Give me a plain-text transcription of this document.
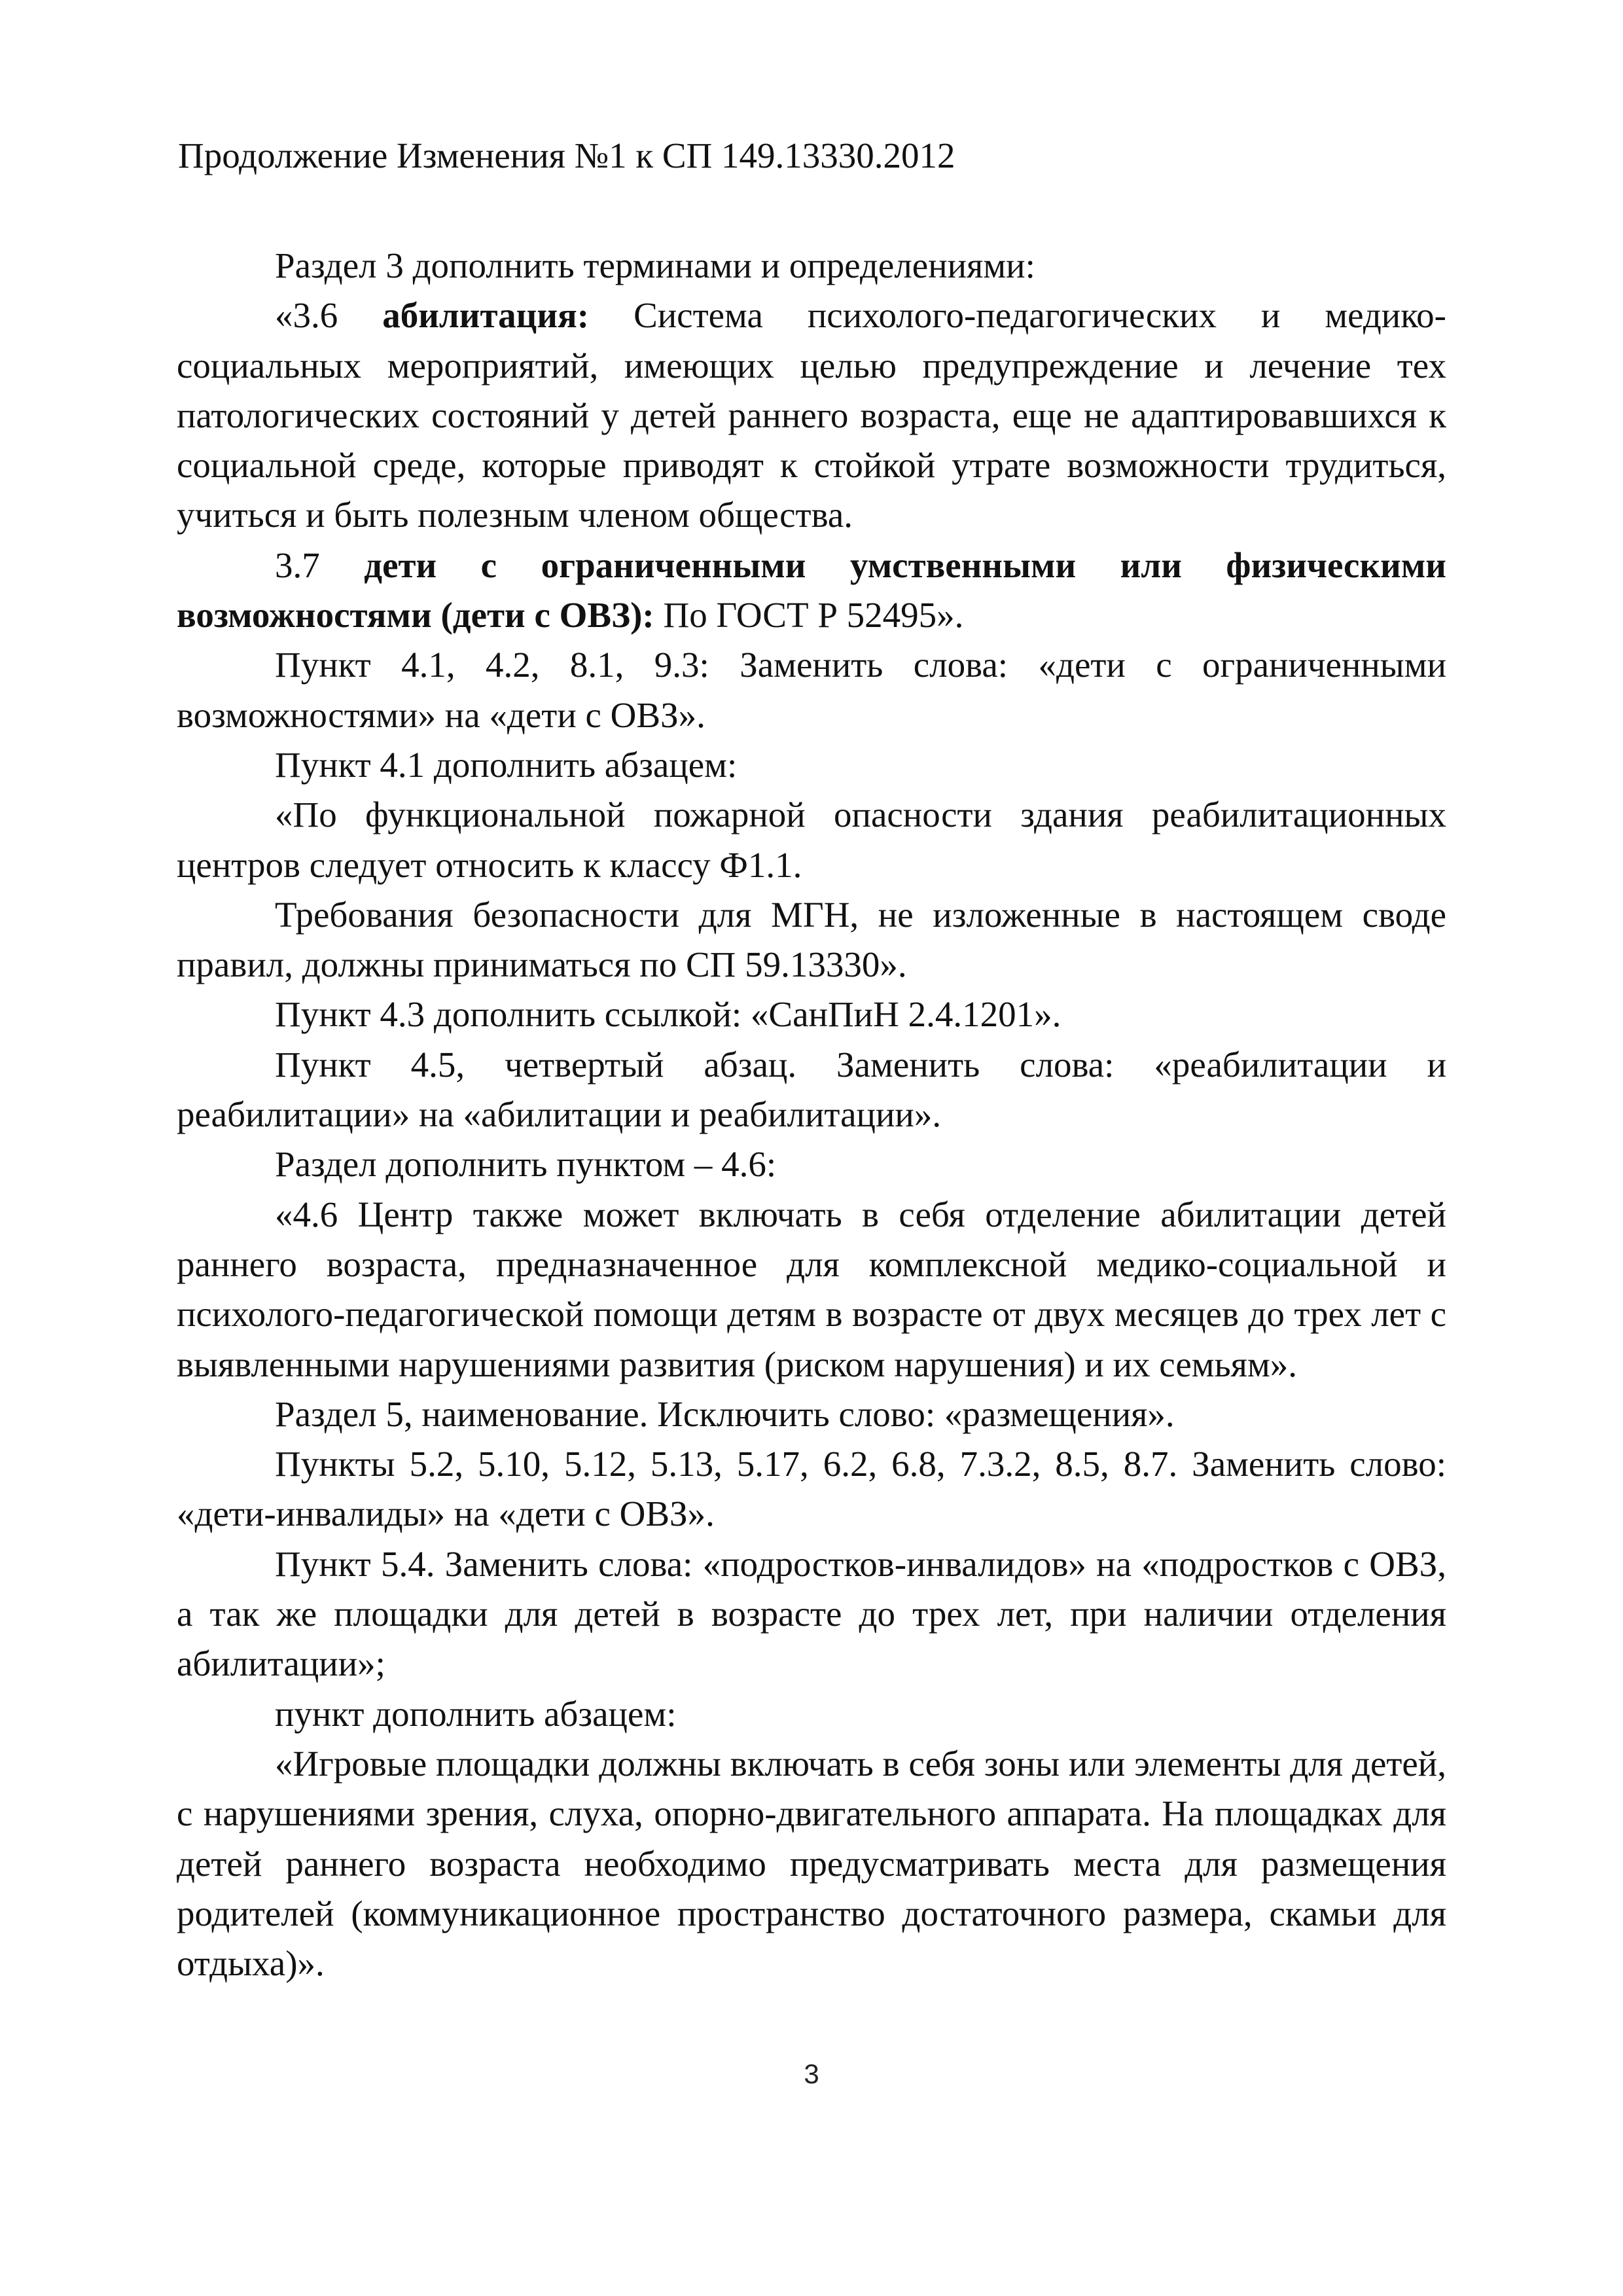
Продолжение Изменения №1 к СП 149.13330.2012

Раздел 3 дополнить терминами и определениями:

«3.6 абилитация: Система психолого-педагогических и медико-социальных мероприятий, имеющих целью предупреждение и лечение тех патологических состояний у детей раннего возраста, еще не адаптировавшихся к социальной среде, которые приводят к стойкой утрате возможности трудиться, учиться и быть полезным членом общества.

3.7 дети с ограниченными умственными или физическими возможностями (дети с ОВЗ): По ГОСТ Р 52495».

Пункт 4.1, 4.2, 8.1, 9.3: Заменить слова: «дети с ограниченными возможностями» на «дети с ОВЗ».

Пункт 4.1 дополнить абзацем:

«По функциональной пожарной опасности здания реабилитационных центров следует относить к классу Ф1.1.

Требования безопасности для МГН, не изложенные в настоящем своде правил, должны приниматься по СП 59.13330».

Пункт 4.3 дополнить ссылкой: «СанПиН 2.4.1201».

Пункт 4.5, четвертый абзац. Заменить слова: «реабилитации и реабилитации» на «абилитации и реабилитации».

Раздел дополнить пунктом – 4.6:

«4.6 Центр также может включать в себя отделение абилитации детей раннего возраста, предназначенное для комплексной медико-социальной и психолого-педагогической помощи детям в возрасте от двух месяцев до трех лет с выявленными нарушениями развития (риском нарушения) и их семьям».

Раздел 5, наименование. Исключить слово: «размещения».

Пункты 5.2, 5.10, 5.12, 5.13, 5.17, 6.2, 6.8, 7.3.2, 8.5, 8.7. Заменить слово: «дети-инвалиды» на «дети с ОВЗ».

Пункт 5.4. Заменить слова: «подростков-инвалидов» на «подростков с ОВЗ, а так же площадки для детей в возрасте до трех лет, при наличии отделения абилитации»;

пункт дополнить абзацем:

«Игровые площадки должны включать в себя зоны или элементы для детей, с нарушениями зрения, слуха, опорно-двигательного аппарата. На площадках для детей раннего возраста необходимо предусматривать места для размещения родителей (коммуникационное пространство достаточного размера, скамьи для отдыха)».

3
